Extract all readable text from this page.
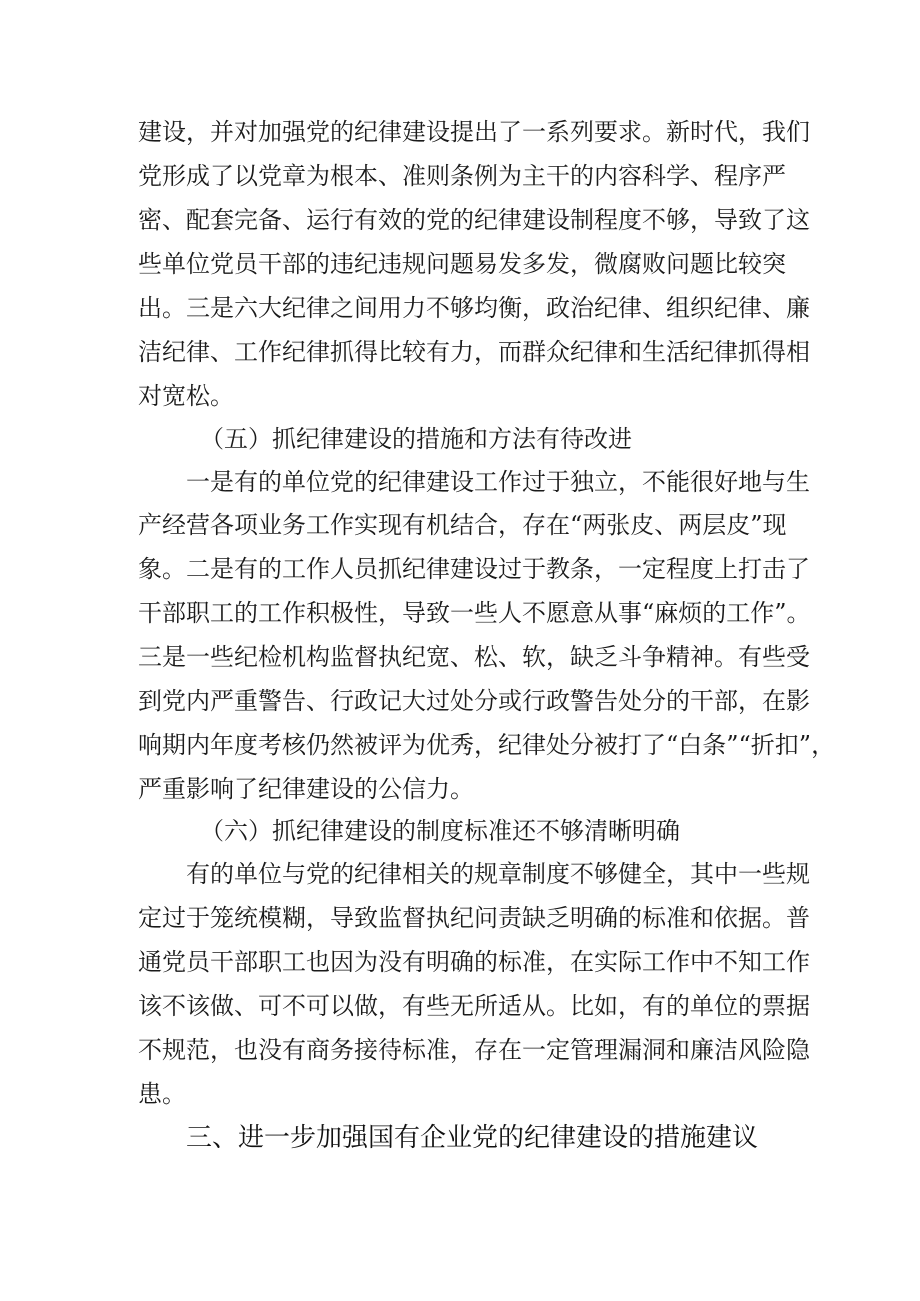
建设，并对加强党的纪律建设提出了一系列要求。新时代，我们

党形成了以党章为根本、准则条例为主干的内容科学、程序严

密、配套完备、运行有效的党的纪律建设制程度不够，导致了这

些单位党员干部的违纪违规问题易发多发，微腐败问题比较突

出。三是六大纪律之间用力不够均衡，政治纪律、组织纪律、廉

洁纪律、工作纪律抓得比较有力，而群众纪律和生活纪律抓得相

对宽松。

（五）抓纪律建设的措施和方法有待改进

一是有的单位党的纪律建设工作过于独立，不能很好地与生

产经营各项业务工作实现有机结合，存在“两张皮、两层皮”现

象。二是有的工作人员抓纪律建设过于教条，一定程度上打击了

干部职工的工作积极性，导致一些人不愿意从事“麻烦的工作”。

三是一些纪检机构监督执纪宽、松、软，缺乏斗争精神。有些受

到党内严重警告、行政记大过处分或行政警告处分的干部，在影

响期内年度考核仍然被评为优秀，纪律处分被打了“白条”“折扣”，

严重影响了纪律建设的公信力。

（六）抓纪律建设的制度标准还不够清晰明确

有的单位与党的纪律相关的规章制度不够健全，其中一些规

定过于笼统模糊，导致监督执纪问责缺乏明确的标准和依据。普

通党员干部职工也因为没有明确的标准，在实际工作中不知工作

该不该做、可不可以做，有些无所适从。比如，有的单位的票据

不规范，也没有商务接待标准，存在一定管理漏洞和廉洁风险隐

患。

三、进一步加强国有企业党的纪律建设的措施建议
